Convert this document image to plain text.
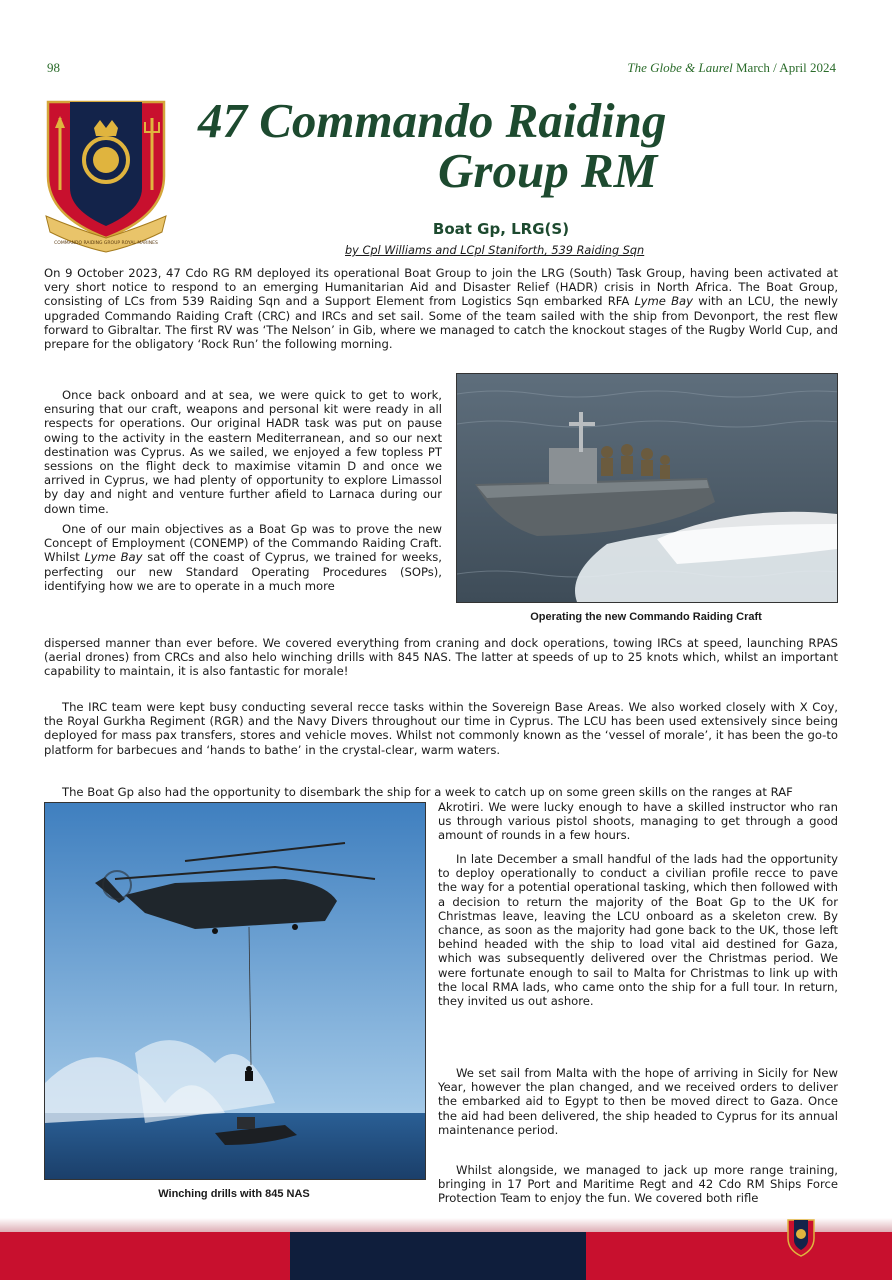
98	The Globe & Laurel March / April 2024
COMMANDO RAIDING GROUP ROYAL MARINES
47 Commando Raiding
Group RM
Boat Gp, LRG(S)
by Cpl Williams and LCpl Staniforth, 539 Raiding Sqn
On 9 October 2023, 47 Cdo RG RM deployed its operational Boat Group to join the LRG (South) Task Group, having been activated at very short notice to respond to an emerging Humanitarian Aid and Disaster Relief (HADR) crisis in North Africa. The Boat Group, consisting of LCs from 539 Raiding Sqn and a Support Element from Logistics Sqn embarked RFA Lyme Bay with an LCU, the newly upgraded Commando Raiding Craft (CRC) and IRCs and set sail. Some of the team sailed with the ship from Devonport, the rest flew forward to Gibraltar. The first RV was ‘The Nelson’ in Gib, where we managed to catch the knockout stages of the Rugby World Cup, and prepare for the obligatory ‘Rock Run’ the following morning.
Once back onboard and at sea, we were quick to get to work, ensuring that our craft, weapons and personal kit were ready in all respects for operations. Our original HADR task was put on pause owing to the activity in the eastern Mediterranean, and so our next destination was Cyprus. As we sailed, we enjoyed a few topless PT sessions on the flight deck to maximise vitamin D and once we arrived in Cyprus, we had plenty of opportunity to explore Limassol by day and night and venture further afield to Larnaca during our down time.
Operating the new Commando Raiding Craft
One of our main objectives as a Boat Gp was to prove the new Concept of Employment (CONEMP) of the Commando Raiding Craft. Whilst Lyme Bay sat off the coast of Cyprus, we trained for weeks, perfecting our new Standard Operating Procedures (SOPs), identifying how we are to operate in a much more
dispersed manner than ever before. We covered everything from craning and dock operations, towing IRCs at speed, launching RPAS (aerial drones) from CRCs and also helo winching drills with 845 NAS. The latter at speeds of up to 25 knots which, whilst an important capability to maintain, it is also fantastic for morale!
The IRC team were kept busy conducting several recce tasks within the Sovereign Base Areas. We also worked closely with X Coy, the Royal Gurkha Regiment (RGR) and the Navy Divers throughout our time in Cyprus. The LCU has been used extensively since being deployed for mass pax transfers, stores and vehicle moves. Whilst not commonly known as the ‘vessel of morale’, it has been the go-to platform for barbecues and ‘hands to bathe’ in the crystal-clear, warm waters.
The Boat Gp also had the opportunity to disembark the ship for a week to catch up on some green skills on the ranges at RAF
Winching drills with 845 NAS
Akrotiri. We were lucky enough to have a skilled instructor who ran us through various pistol shoots, managing to get through a good amount of rounds in a few hours.
In late December a small handful of the lads had the opportunity to deploy operationally to conduct a civilian profile recce to pave the way for a potential operational tasking, which then followed with a decision to return the majority of the Boat Gp to the UK for Christmas leave, leaving the LCU onboard as a skeleton crew. By chance, as soon as the majority had gone back to the UK, those left behind headed with the ship to load vital aid destined for Gaza, which was subsequently delivered over the Christmas period. We were fortunate enough to sail to Malta for Christmas to link up with the local RMA lads, who came onto the ship for a full tour. In return, they invited us out ashore.
We set sail from Malta with the hope of arriving in Sicily for New Year, however the plan changed, and we received orders to deliver the embarked aid to Egypt to then be moved direct to Gaza. Once the aid had been delivered, the ship headed to Cyprus for its annual maintenance period.
Whilst alongside, we managed to jack up more range training, bringing in 17 Port and Maritime Regt and 42 Cdo RM Ships Force Protection Team to enjoy the fun. We covered both rifle
